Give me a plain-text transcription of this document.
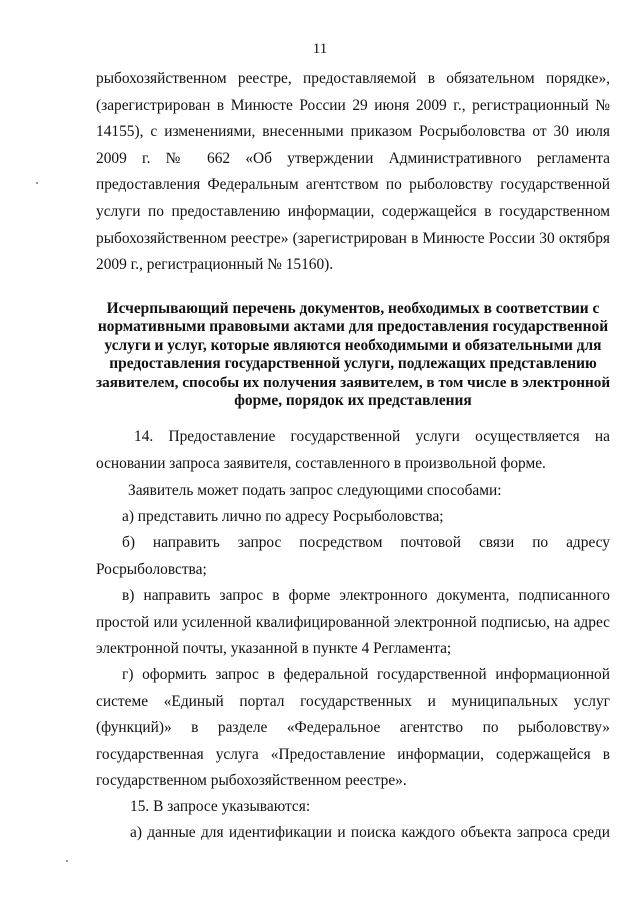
11
рыбохозяйственном реестре, предоставляемой в обязательном порядке»,
(зарегистрирован в Минюсте России 29 июня 2009 г., регистрационный №
14155), с изменениями, внесенными приказом Росрыболовства от 30 июля
2009 г. № 662 «Об утверждении Административного регламента
предоставления Федеральным агентством по рыболовству государственной
услуги по предоставлению информации, содержащейся в государственном
рыбохозяйственном реестре» (зарегистрирован в Минюсте России 30 октября
2009 г., регистрационный № 15160).
Исчерпывающий перечень документов, необходимых в соответствии с
нормативными правовыми актами для предоставления государственной
услуги и услуг, которые являются необходимыми и обязательными для
предоставления государственной услуги, подлежащих представлению
заявителем, способы их получения заявителем, в том числе в электронной
форме, порядок их представления
14. Предоставление государственной услуги осуществляется на
основании запроса заявителя, составленного в произвольной форме.
Заявитель может подать запрос следующими способами:
а) представить лично по адресу Росрыболовства;
б) направить запрос посредством почтовой связи по адресу
Росрыболовства;
в) направить запрос в форме электронного документа, подписанного
простой или усиленной квалифицированной электронной подписью, на адрес
электронной почты, указанной в пункте 4 Регламента;
г) оформить запрос в федеральной государственной информационной
системе «Единый портал государственных и муниципальных услуг
(функций)» в разделе «Федеральное агентство по рыболовству»
государственная услуга «Предоставление информации, содержащейся в
государственном рыбохозяйственном реестре».
15. В запросе указываются:
а) данные для идентификации и поиска каждого объекта запроса среди
